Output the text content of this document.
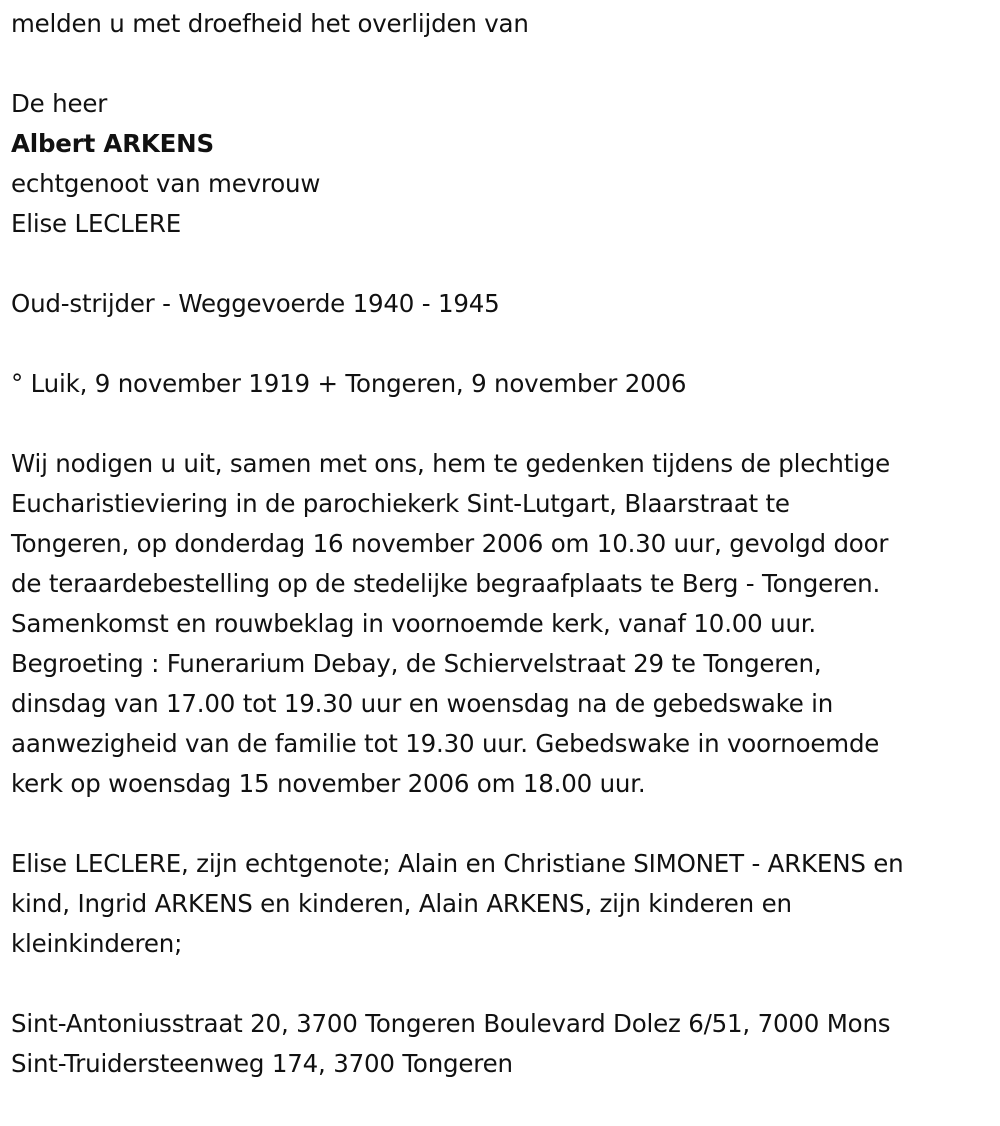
melden u met droefheid het overlijden van
De heer
Albert ARKENS
echtgenoot van mevrouw
Elise LECLERE
Oud-strijder - Weggevoerde 1940 - 1945
° Luik, 9 november 1919 + Tongeren, 9 november 2006
Wij nodigen u uit, samen met ons, hem te gedenken tijdens de plechtige
Eucharistieviering in de parochiekerk Sint-Lutgart, Blaarstraat te
Tongeren, op donderdag 16 november 2006 om 10.30 uur, gevolgd door
de teraardebestelling op de stedelijke begraafplaats te Berg - Tongeren.
Samenkomst en rouwbeklag in voornoemde kerk, vanaf 10.00 uur.
Begroeting : Funerarium Debay, de Schiervelstraat 29 te Tongeren,
dinsdag van 17.00 tot 19.30 uur en woensdag na de gebedswake in
aanwezigheid van de familie tot 19.30 uur. Gebedswake in voornoemde
kerk op woensdag 15 november 2006 om 18.00 uur.
Elise LECLERE, zijn echtgenote; Alain en Christiane SIMONET - ARKENS en
kind, Ingrid ARKENS en kinderen, Alain ARKENS, zijn kinderen en
kleinkinderen;
Sint-Antoniusstraat 20, 3700 Tongeren Boulevard Dolez 6/51, 7000 Mons
Sint-Truidersteenweg 174, 3700 Tongeren
